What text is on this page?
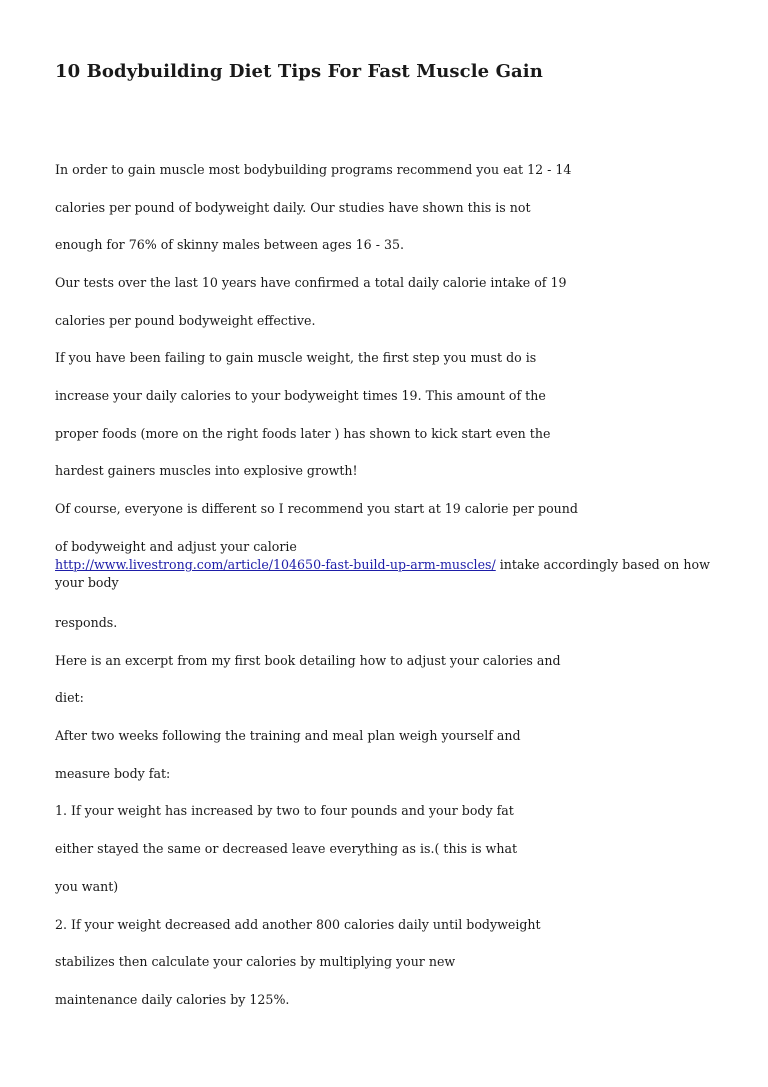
10 Bodybuilding Diet Tips For Fast Muscle Gain

In order to gain muscle most bodybuilding programs recommend you eat 12 - 14

calories per pound of bodyweight daily. Our studies have shown this is not

enough for 76% of skinny males between ages 16 - 35.

Our tests over the last 10 years have confirmed a total daily calorie intake of 19

calories per pound bodyweight effective.

If you have been failing to gain muscle weight, the first step you must do is

increase your daily calories to your bodyweight times 19. This amount of the

proper foods (more on the right foods later ) has shown to kick start even the

hardest gainers muscles into explosive growth!

Of course, everyone is different so I recommend you start at 19 calorie per pound

of bodyweight and adjust your calorie
http://www.livestrong.com/article/104650-fast-build-up-arm-muscles/ intake accordingly based on how your body

responds.

Here is an excerpt from my first book detailing how to adjust your calories and

diet:

After two weeks following the training and meal plan weigh yourself and

measure body fat:

1. If your weight has increased by two to four pounds and your body fat

either stayed the same or decreased leave everything as is.( this is what

you want)

2. If your weight decreased add another 800 calories daily until bodyweight

stabilizes then calculate your calories by multiplying your new

maintenance daily calories by 125%.
